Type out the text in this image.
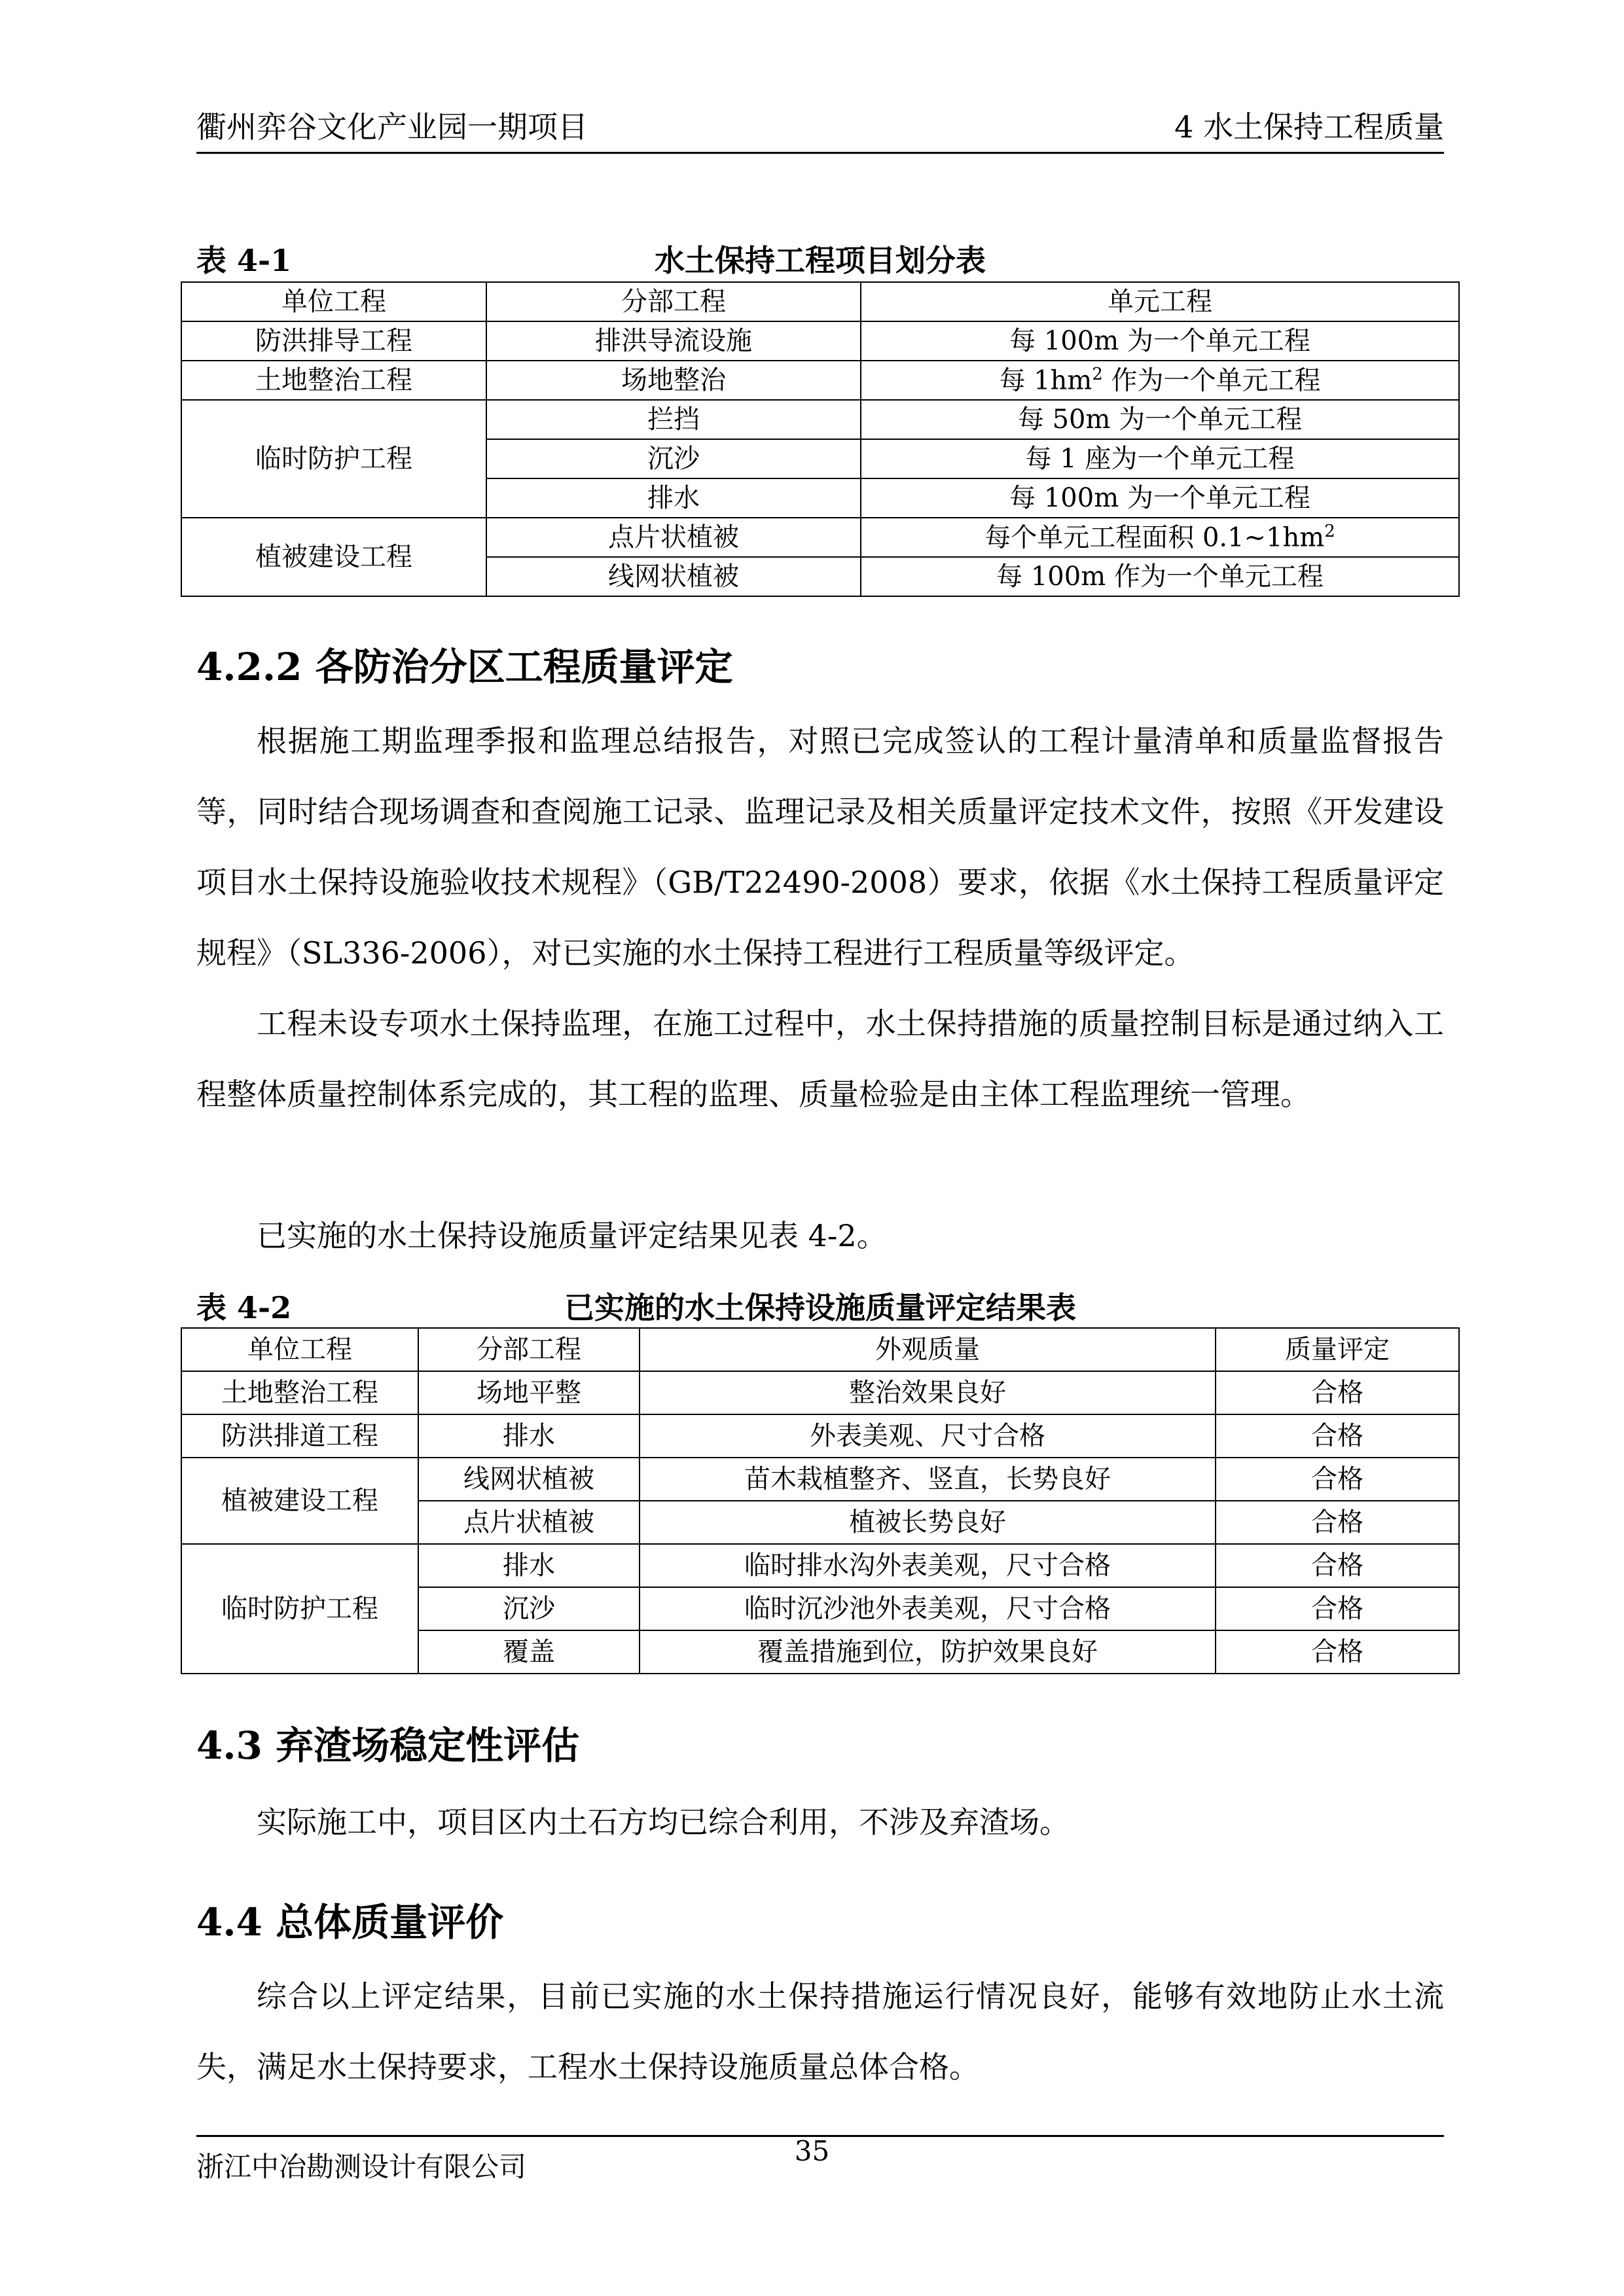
衢州弈谷文化产业园一期项目	4 水土保持工程质量
表 4-1	水土保持工程项目划分表
单位工程	分部工程	单元工程
防洪排导工程	排洪导流设施	每 100m 为一个单元工程
土地整治工程	场地整治	每 $1hm^2$ 作为一个单元工程
临时防护工程	拦挡	每 50m 为一个单元工程
	沉沙	每 1 座为一个单元工程
	排水	每 100m 为一个单元工程
植被建设工程	点片状植被	每个单元工程面积 $0.1\sim 1hm^2$
	线网状植被	每 100m 作为一个单元工程
4.2.2 各防治分区工程质量评定
根据施工期监理季报和监理总结报告，对照已完成签认的工程计量清单和质量监督报告等，同时结合现场调查和查阅施工记录、监理记录及相关质量评定技术文件，按照《开发建设项目水土保持设施验收技术规程》（GB/T22490-2008）要求，依据《水土保持工程质量评定规程》（SL336-2006），对已实施的水土保持工程进行工程质量等级评定。
工程未设专项水土保持监理，在施工过程中，水土保持措施的质量控制目标是通过纳入工程整体质量控制体系完成的，其工程的监理、质量检验是由主体工程监理统一管理。
已实施的水土保持设施质量评定结果见表 4-2。
表 4-2	已实施的水土保持设施质量评定结果表
单位工程	分部工程	外观质量	质量评定
土地整治工程	场地平整	整治效果良好	合格
防洪排道工程	排水	外表美观、尺寸合格	合格
植被建设工程	线网状植被	苗木栽植整齐、竖直，长势良好	合格
	点片状植被	植被长势良好	合格
临时防护工程	排水	临时排水沟外表美观，尺寸合格	合格
	沉沙	临时沉沙池外表美观，尺寸合格	合格
	覆盖	覆盖措施到位，防护效果良好	合格
4.3 弃渣场稳定性评估
实际施工中，项目区内土石方均已综合利用，不涉及弃渣场。
4.4 总体质量评价
综合以上评定结果，目前已实施的水土保持措施运行情况良好，能够有效地防止水土流失，满足水土保持要求，工程水土保持设施质量总体合格。
浙江中冶勘测设计有限公司	35
